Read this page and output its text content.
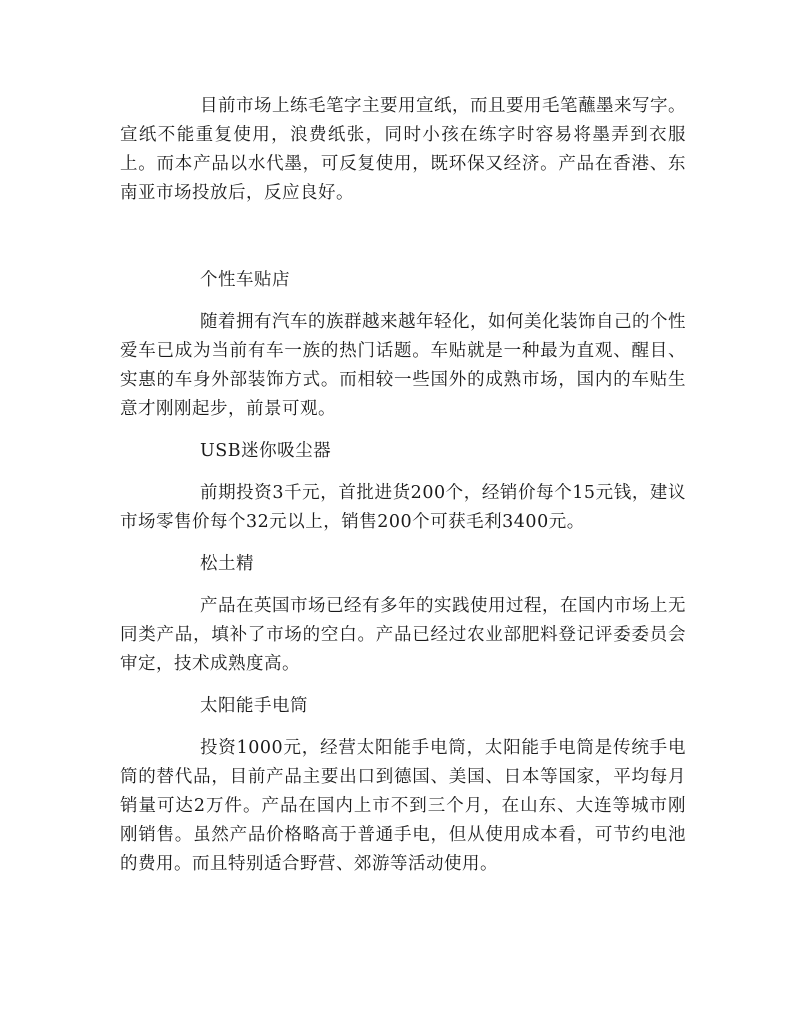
目前市场上练毛笔字主要用宣纸，而且要用毛笔蘸墨来写字。宣纸不能重复使用，浪费纸张，同时小孩在练字时容易将墨弄到衣服上。而本产品以水代墨，可反复使用，既环保又经济。产品在香港、东南亚市场投放后，反应良好。

个性车贴店

随着拥有汽车的族群越来越年轻化，如何美化装饰自己的个性爱车已成为当前有车一族的热门话题。车贴就是一种最为直观、醒目、实惠的车身外部装饰方式。而相较一些国外的成熟市场，国内的车贴生意才刚刚起步，前景可观。

USB迷你吸尘器

前期投资3千元，首批进货200个，经销价每个15元钱，建议市场零售价每个32元以上，销售200个可获毛利3400元。

松土精

产品在英国市场已经有多年的实践使用过程，在国内市场上无同类产品，填补了市场的空白。产品已经过农业部肥料登记评委委员会审定，技术成熟度高。

太阳能手电筒

投资1000元，经营太阳能手电筒，太阳能手电筒是传统手电筒的替代品，目前产品主要出口到德国、美国、日本等国家，平均每月销量可达2万件。产品在国内上市不到三个月，在山东、大连等城市刚刚销售。虽然产品价格略高于普通手电，但从使用成本看，可节约电池的费用。而且特别适合野营、郊游等活动使用。
